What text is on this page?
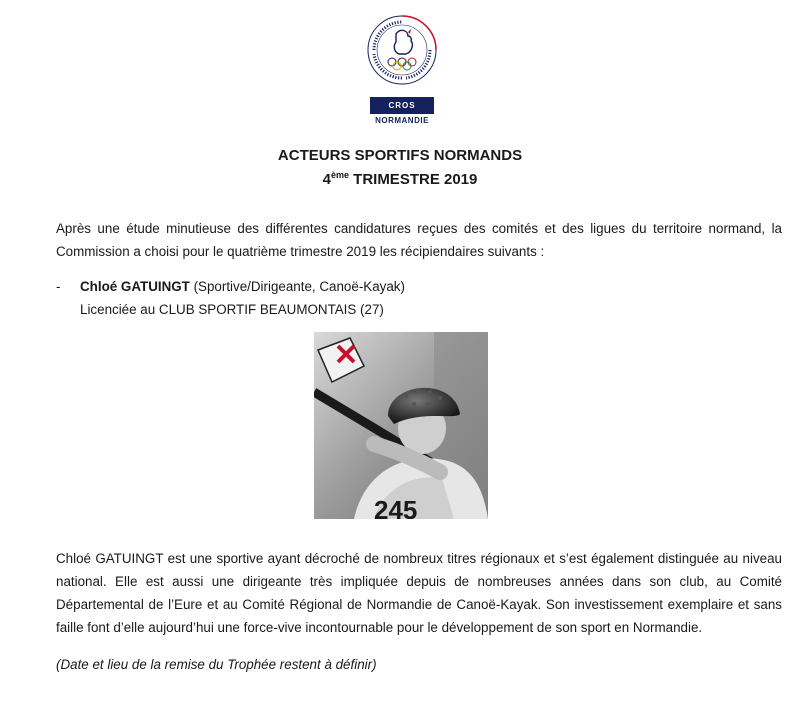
CROS
NORMANDIE
ACTEURS SPORTIFS NORMANDS
4ème TRIMESTRE 2019

Après une étude minutieuse des différentes candidatures reçues des comités et des ligues du territoire normand, la Commission a choisi pour le quatrième trimestre 2019 les récipiendaires suivants :

- Chloé GATUINGT (Sportive/Dirigeante, Canoë-Kayak)
Licenciée au CLUB SPORTIF BEAUMONTAIS (27)
245

Chloé GATUINGT est une sportive ayant décroché de nombreux titres régionaux et s’est également distinguée au niveau national. Elle est aussi une dirigeante très impliquée depuis de nombreuses années dans son club, au Comité Départemental de l’Eure et au Comité Régional de Normandie de Canoë-Kayak. Son investissement exemplaire et sans faille font d’elle aujourd’hui une force-vive incontournable pour le développement de son sport en Normandie.

(Date et lieu de la remise du Trophée restent à définir)
